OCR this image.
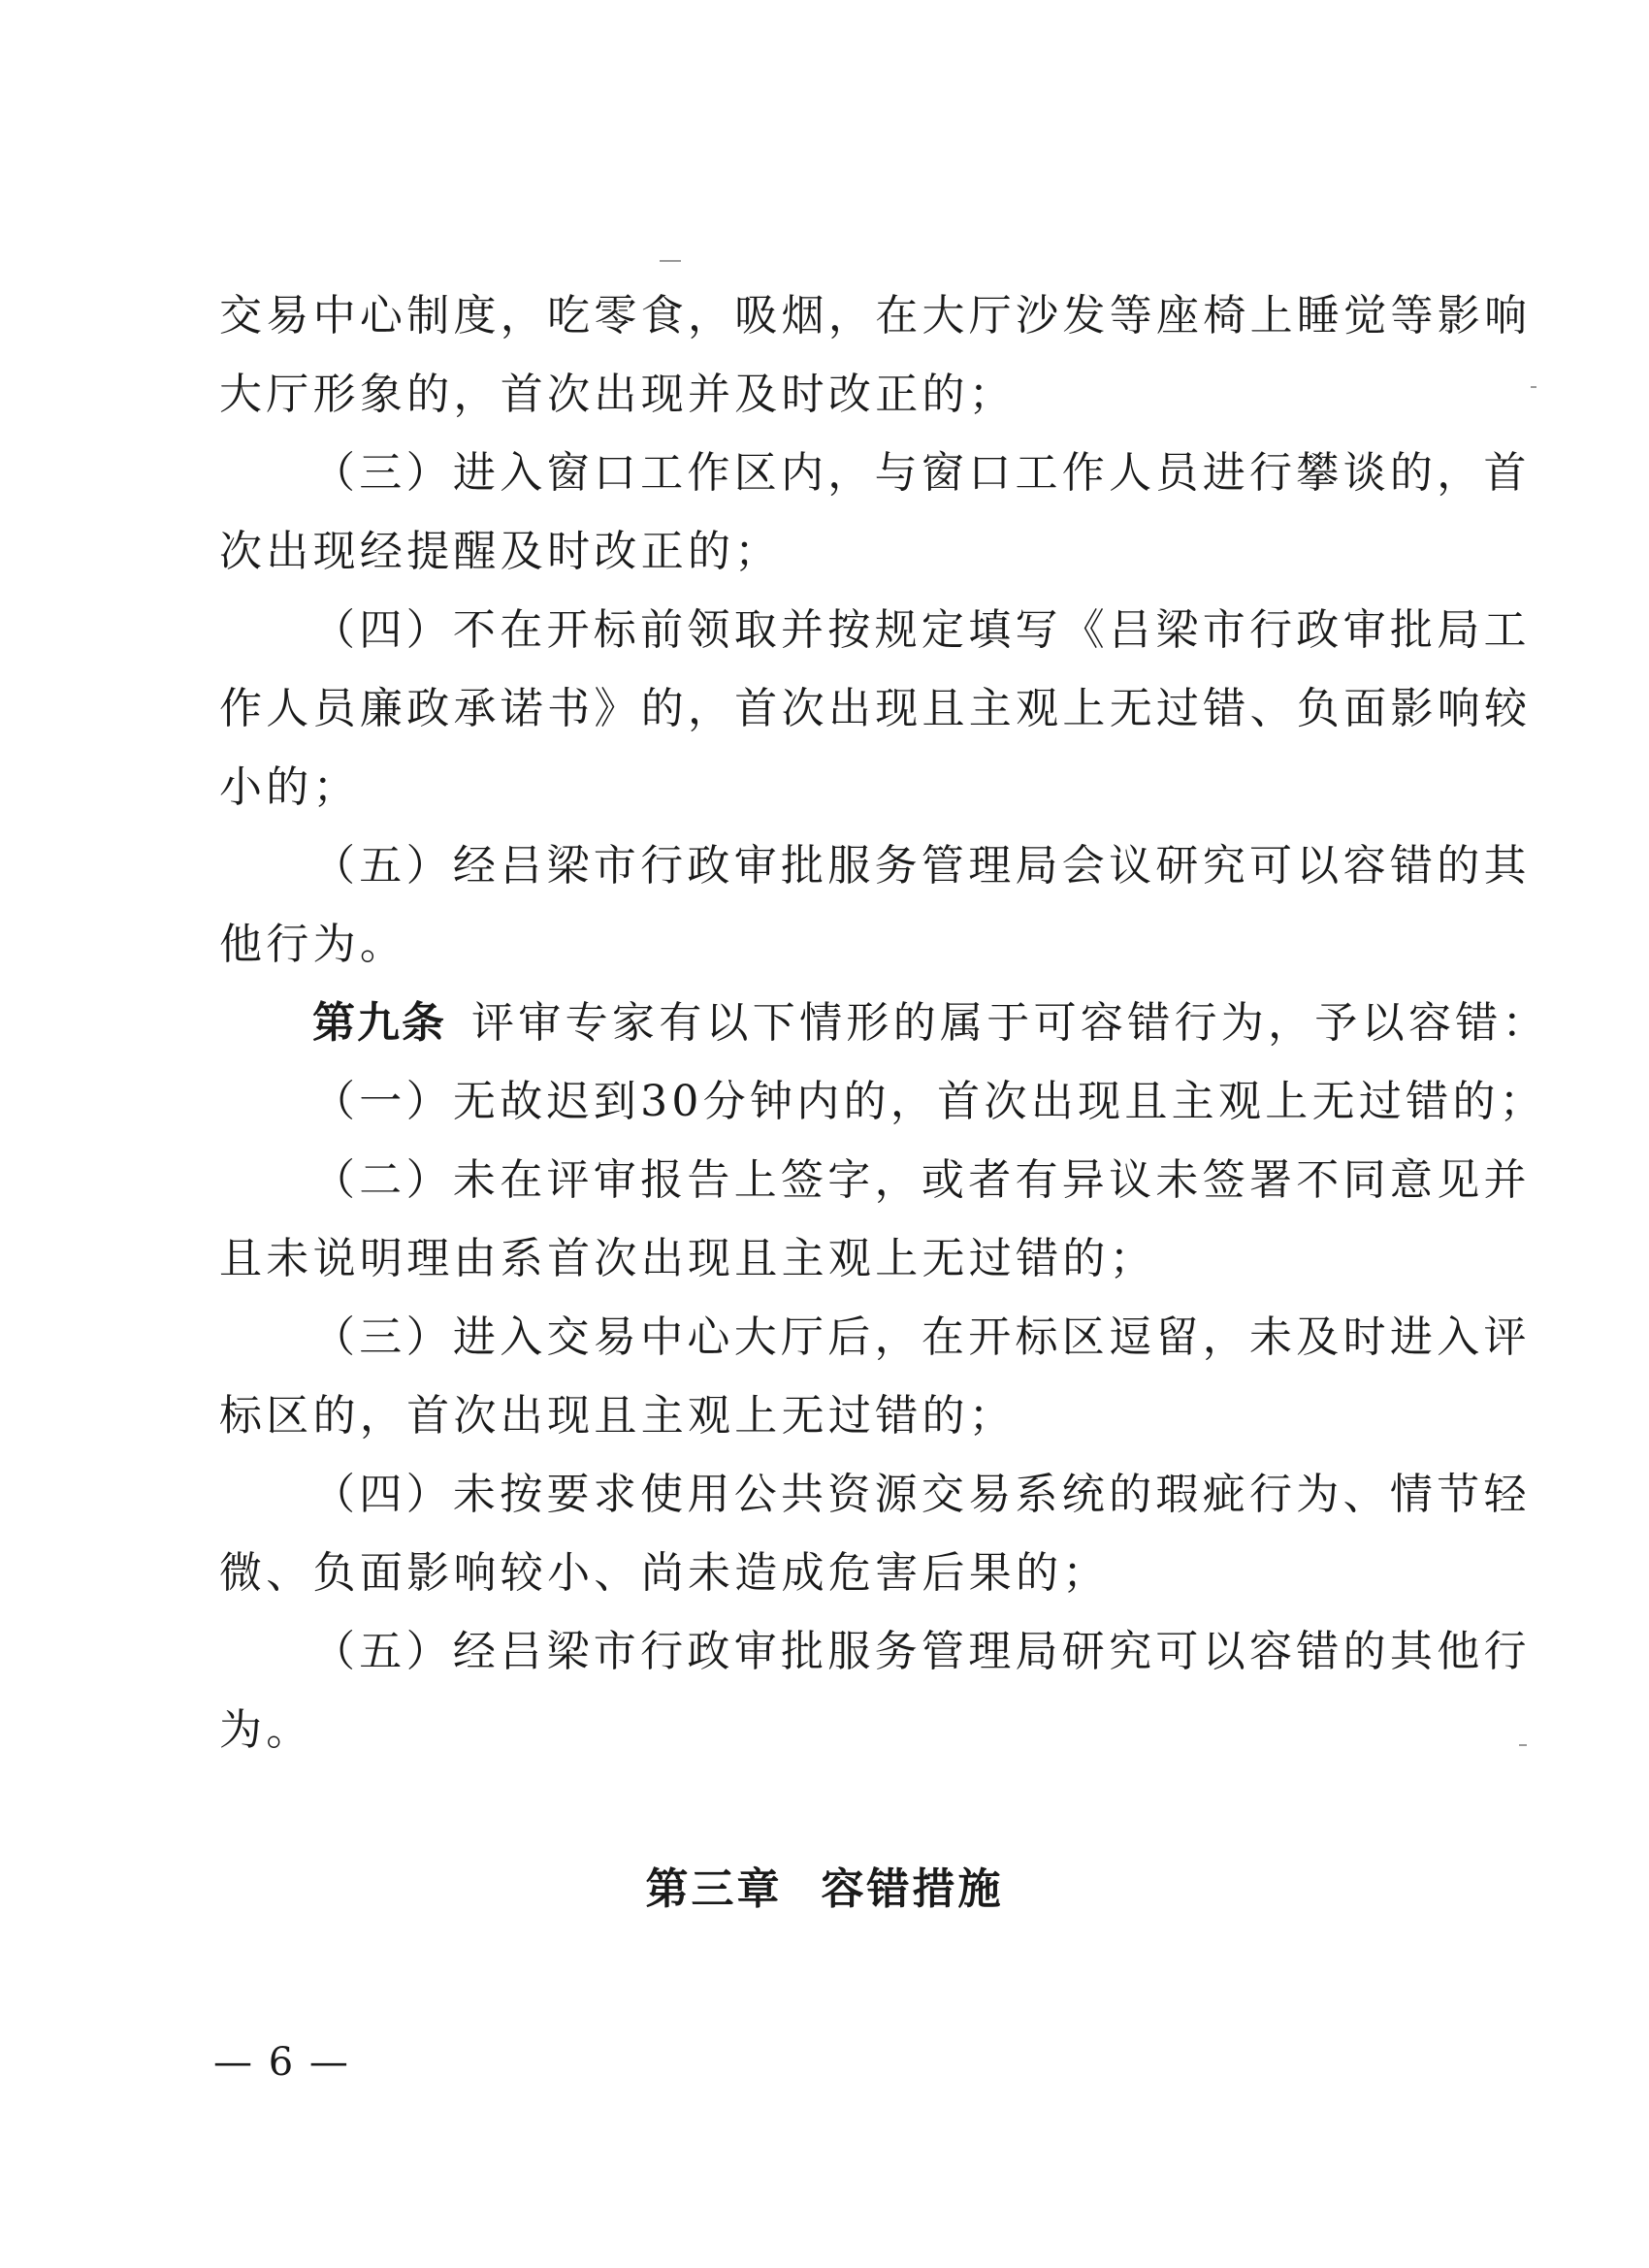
交易中心制度，吃零食，吸烟，在大厅沙发等座椅上睡觉等影响
大厅形象的，首次出现并及时改正的；
（三）进入窗口工作区内，与窗口工作人员进行攀谈的，首
次出现经提醒及时改正的；
（四）不在开标前领取并按规定填写《吕梁市行政审批局工
作人员廉政承诺书》的，首次出现且主观上无过错、负面影响较
小的；
（五）经吕梁市行政审批服务管理局会议研究可以容错的其
他行为。
第九条 评审专家有以下情形的属于可容错行为，予以容错：
（一）无故迟到30分钟内的，首次出现且主观上无过错的；
（二）未在评审报告上签字，或者有异议未签署不同意见并
且未说明理由系首次出现且主观上无过错的；
（三）进入交易中心大厅后，在开标区逗留，未及时进入评
标区的，首次出现且主观上无过错的；
（四）未按要求使用公共资源交易系统的瑕疵行为、情节轻
微、负面影响较小、尚未造成危害后果的；
（五）经吕梁市行政审批服务管理局研究可以容错的其他行
为。
第三章 容错措施
— 6 —
